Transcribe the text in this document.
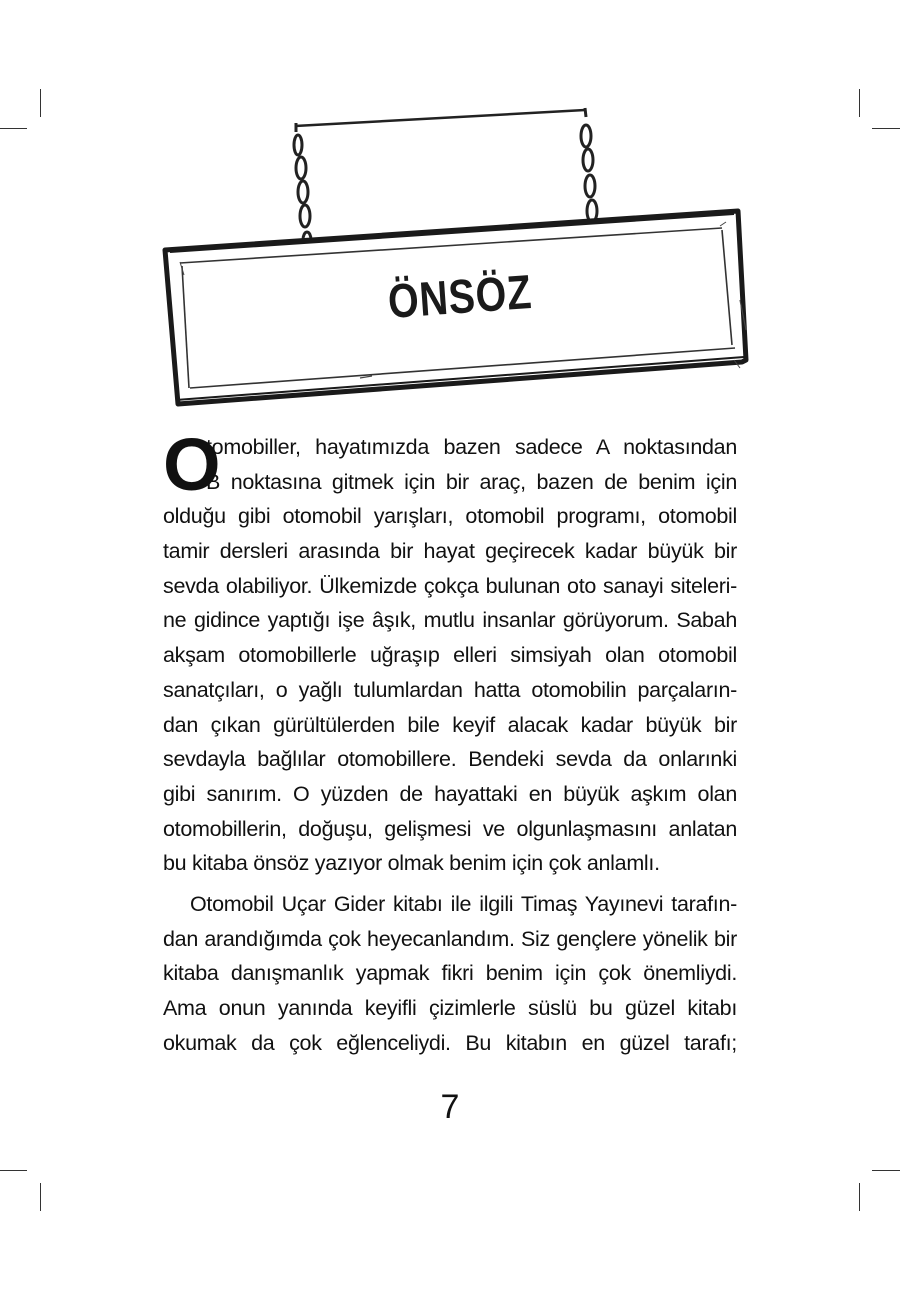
ÖNSÖZ
O
tomobiller, hayatımızda bazen sadece A noktasından
B noktasına gitmek için bir araç, bazen de benim için
olduğu gibi otomobil yarışları, otomobil programı, otomobil
tamir dersleri arasında bir hayat geçirecek kadar büyük bir
sevda olabiliyor. Ülkemizde çokça bulunan oto sanayi siteleri-
ne gidince yaptığı işe âşık, mutlu insanlar görüyorum. Sabah
akşam otomobillerle uğraşıp elleri simsiyah olan otomobil
sanatçıları, o yağlı tulumlardan hatta otomobilin parçaların-
dan çıkan gürültülerden bile keyif alacak kadar büyük bir
sevdayla bağlılar otomobillere. Bendeki sevda da onlarınki
gibi sanırım. O yüzden de hayattaki en büyük aşkım olan
otomobillerin, doğuşu, gelişmesi ve olgunlaşmasını anlatan
bu kitaba önsöz yazıyor olmak benim için çok anlamlı.
Otomobil Uçar Gider kitabı ile ilgili Timaş Yayınevi tarafın-
dan arandığımda çok heyecanlandım. Siz gençlere yönelik bir
kitaba danışmanlık yapmak fikri benim için çok önemliydi.
Ama onun yanında keyifli çizimlerle süslü bu güzel kitabı
okumak da çok eğlenceliydi. Bu kitabın en güzel tarafı;
7
